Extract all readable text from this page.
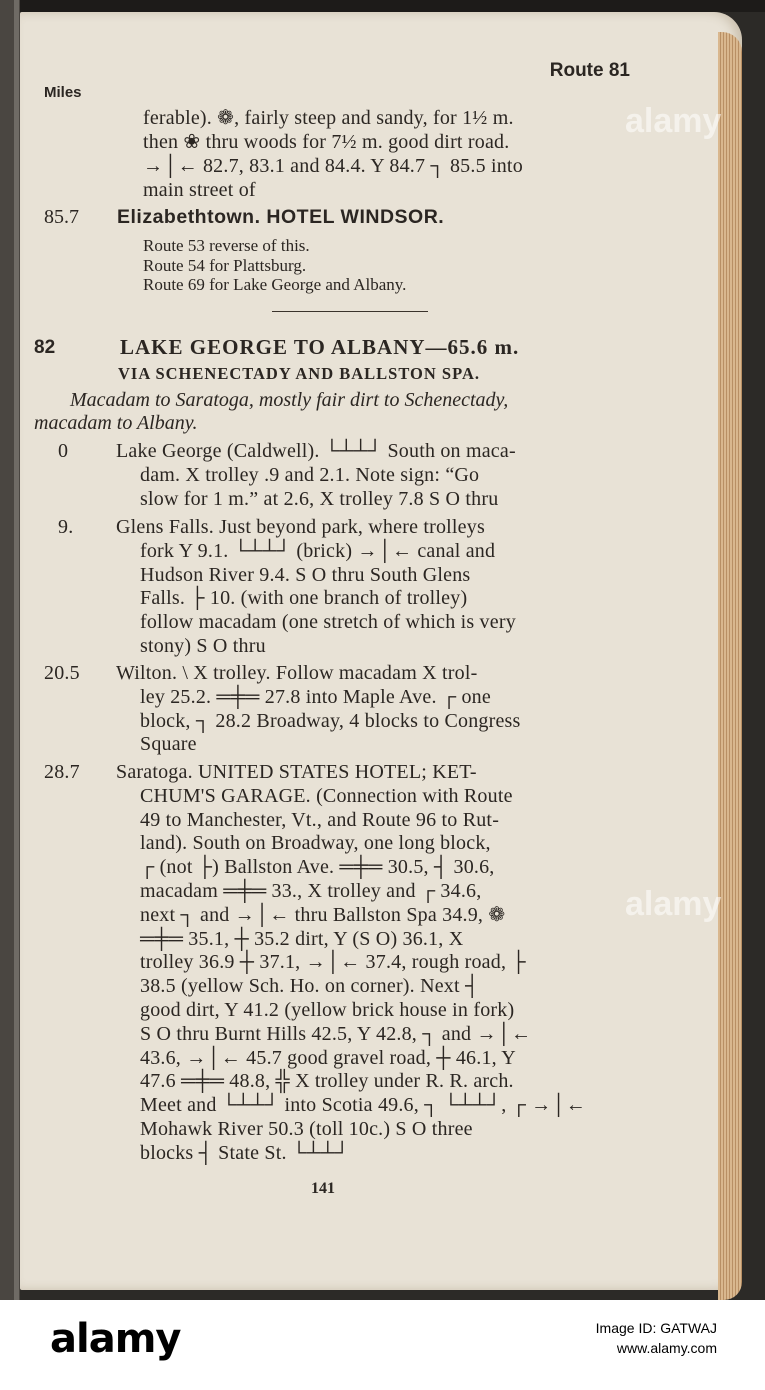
Route 81
Miles
ferable). ❁, fairly steep and sandy, for 1½ m.
then ❀ thru woods for 7½ m. good dirt road.
→│← 82.7, 83.1 and 84.4. Y 84.7 ┐ 85.5 into
main street of
85.7 Elizabethtown. HOTEL WINDSOR.
Route 53 reverse of this.
Route 54 for Plattsburg.
Route 69 for Lake George and Albany.
82	LAKE GEORGE TO ALBANY—65.6 m.
VIA SCHENECTADY AND BALLSTON SPA.
Macadam to Saratoga, mostly fair dirt to Schenectady,
macadam to Albany.
0 Lake George (Caldwell). └┴┴┘ South on maca-
dam. X trolley .9 and 2.1. Note sign: “Go
slow for 1 m.” at 2.6, X trolley 7.8 S O thru
9. Glens Falls. Just beyond park, where trolleys
fork Y 9.1. └┴┴┘ (brick) →│← canal and
Hudson River 9.4. S O thru South Glens
Falls. ├ 10. (with one branch of trolley)
follow macadam (one stretch of which is very
stony) S O thru
20.5 Wilton. \ X trolley. Follow macadam X trol-
ley 25.2. ═╪═ 27.8 into Maple Ave. ┌ one
block, ┐ 28.2 Broadway, 4 blocks to Congress
Square
28.7 Saratoga. UNITED STATES HOTEL; KET-
CHUM'S GARAGE. (Connection with Route
49 to Manchester, Vt., and Route 96 to Rut-
land). South on Broadway, one long block,
┌ (not ├) Ballston Ave. ═╪═ 30.5, ┤ 30.6,
macadam ═╪═ 33., X trolley and ┌ 34.6,
next ┐ and →│← thru Ballston Spa 34.9, ❁
═╪═ 35.1, ┼ 35.2 dirt, Y (S O) 36.1, X
trolley 36.9 ┼ 37.1, →│← 37.4, rough road, ├
38.5 (yellow Sch. Ho. on corner). Next ┤
good dirt, Y 41.2 (yellow brick house in fork)
S O thru Burnt Hills 42.5, Y 42.8, ┐ and →│←
43.6, →│← 45.7 good gravel road, ┼ 46.1, Y
47.6 ═╪═ 48.8, ╬ X trolley under R. R. arch.
Meet and └┴┴┘ into Scotia 49.6, ┐ └┴┴┘, ┌ →│←
Mohawk River 50.3 (toll 10c.) S O three
blocks ┤ State St. └┴┴┘
141
alamy
alamy
alamy	Image ID: GATWAJ
www.alamy.com
